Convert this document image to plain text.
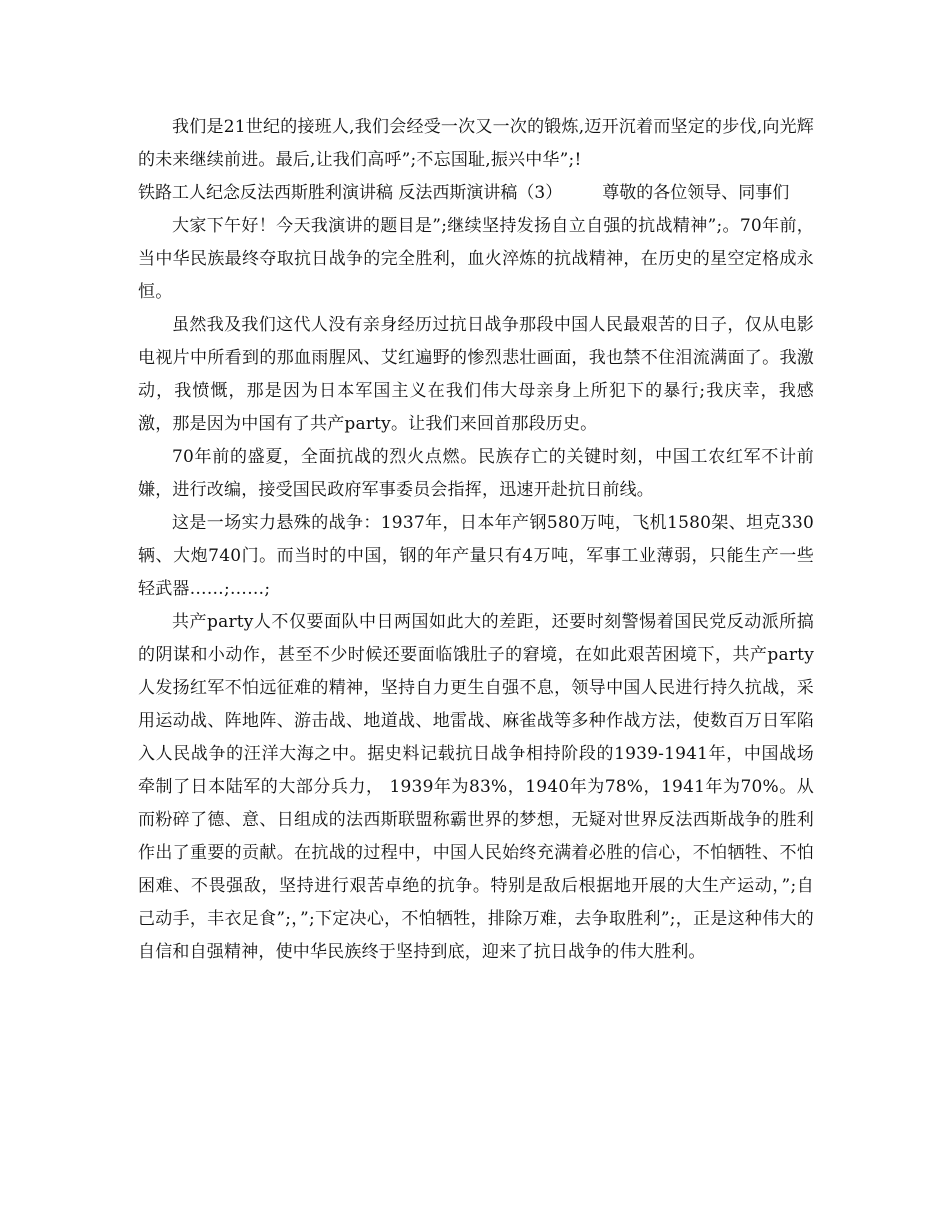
我们是21世纪的接班人,我们会经受一次又一次的锻炼,迈开沉着而坚定的步伐,向光辉的未来继续前进。最后,让我们高呼”;不忘国耻,振兴中华”;!

铁路工人纪念反法西斯胜利演讲稿 反法西斯演讲稿（3） 尊敬的各位领导、同事们

大家下午好！今天我演讲的题目是”;继续坚持发扬自立自强的抗战精神”;。70年前，当中华民族最终夺取抗日战争的完全胜利，血火淬炼的抗战精神，在历史的星空定格成永恒。

虽然我及我们这代人没有亲身经历过抗日战争那段中国人民最艰苦的日子，仅从电影电视片中所看到的那血雨腥风、艾红遍野的惨烈悲壮画面，我也禁不住泪流满面了。我激动，我愤慨，那是因为日本军国主义在我们伟大母亲身上所犯下的暴行;我庆幸，我感激，那是因为中国有了共产party。让我们来回首那段历史。

70年前的盛夏，全面抗战的烈火点燃。民族存亡的关键时刻，中国工农红军不计前嫌，进行改编，接受国民政府军事委员会指挥，迅速开赴抗日前线。

这是一场实力悬殊的战争：1937年，日本年产钢580万吨，飞机1580架、坦克330辆、大炮740门。而当时的中国，钢的年产量只有4万吨，军事工业薄弱，只能生产一些轻武器……;……;

共产party人不仅要面队中日两国如此大的差距，还要时刻警惕着国民党反动派所搞的阴谋和小动作，甚至不少时候还要面临饿肚子的窘境，在如此艰苦困境下，共产party人发扬红军不怕远征难的精神，坚持自力更生自强不息，领导中国人民进行持久抗战，采用运动战、阵地阵、游击战、地道战、地雷战、麻雀战等多种作战方法，使数百万日军陷入人民战争的汪洋大海之中。据史料记载抗日战争相持阶段的1939-1941年，中国战场牵制了日本陆军的大部分兵力， 1939年为83%，1940年为78%，1941年为70%。从而粉碎了德、意、日组成的法西斯联盟称霸世界的梦想，无疑对世界反法西斯战争的胜利作出了重要的贡献。在抗战的过程中，中国人民始终充满着必胜的信心，不怕牺牲、不怕困难、不畏强敌，坚持进行艰苦卓绝的抗争。特别是敌后根据地开展的大生产运动，”;自己动手，丰衣足食”;，”;下定决心，不怕牺牲，排除万难，去争取胜利”;，正是这种伟大的自信和自强精神，使中华民族终于坚持到底，迎来了抗日战争的伟大胜利。
